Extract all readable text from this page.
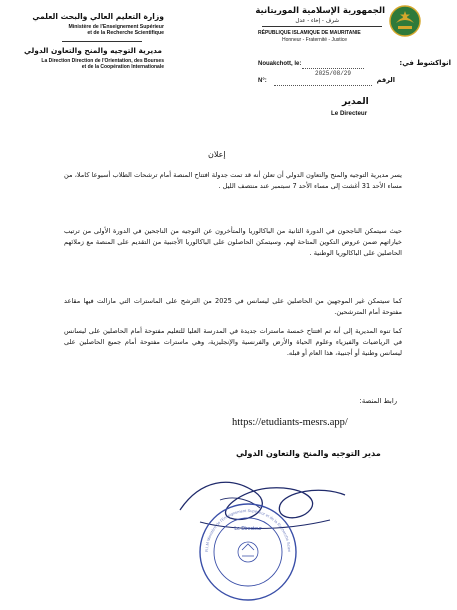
الجمهورية الإسلامية الموريتانية
شرف - إخاء - عدل
RÉPUBLIQUE ISLAMIQUE DE MAURITANIE
Honneur - Fraternité - Justice
وزارة التعليم العالي والبحث العلمي
Ministère de l'Enseignement Supérieur
et de la Recherche Scientifique
مديرية التوجيه والمنح والتعاون الدولي
La Direction Direction de l'Orientation, des Bourses
et de la Coopération Internationale
Nouakchott, le:
2025/08/29
انواكشوط في:
N°:	الرقم
المدير
Le Directeur
إعلان
يسر مديرية التوجيه والمنح والتعاون الدولي أن تعلن أنه قد تمت جدولة افتتاح المنصة أمام ترشحات الطلاب أسبوعا كاملا، من مساء الأحد 31 أغشت إلى مساء الأحد 7 سبتمبر عند منتصف الليل .
حيث سيتمكن الناجحون في الدورة الثانية من الباكالوريا والمتأخرون عن التوجيه من الناجحين في الدورة الأولى من ترتيب خياراتهم ضمن عروض التكوين المتاحة لهم. وسيتمكن الحاصلون على الباكالوريا الأجنبية من التقديم على المنصة مع زملائهم الحاصلين على الباكالوريا الوطنية .
كما سيتمكن غير الموجهين من الحاصلين على ليسانس في 2025 من الترشح على الماسترات التي مازالت فيها مقاعد مفتوحة أمام المترشحين.
كما تنوه المديرية إلى أنه تم افتتاح خمسة ماسترات جديدة في المدرسة العليا للتعليم مفتوحة أمام الحاصلين على ليسانس في الرياضيات والفيزياء وعلوم الحياة والأرض والفرنسية والإنجليزية، وهي ماسترات مفتوحة أمام جميع الحاصلين على ليسانس وطنية أو أجنبية، هذا العام أو قبله.
رابط المنصة:
https://etudiants-mesrs.app/
مدير التوجيه والمنح والتعاون الدولي
Le Directeur
R.I.M Ministère de l'Enseignement Supérieur et de la Recherche Scien
